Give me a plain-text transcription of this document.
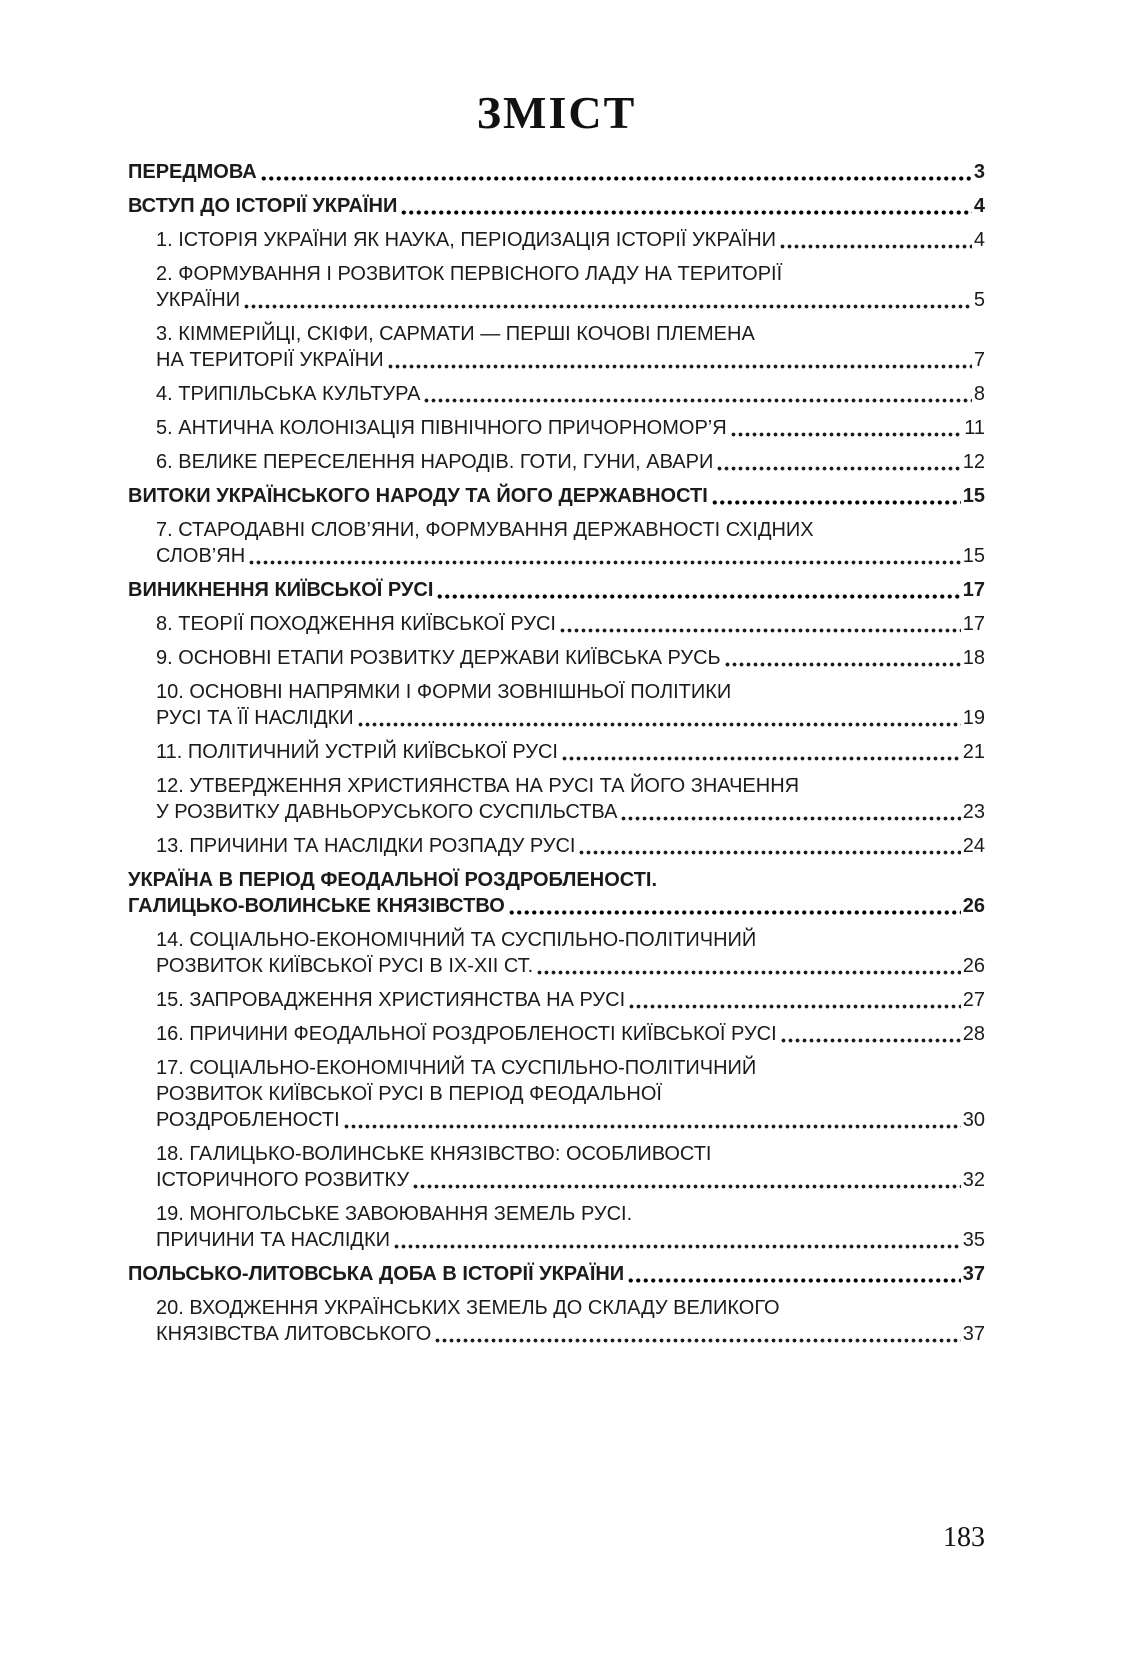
ЗМІСТ
ПЕРЕДМОВА	3
ВСТУП ДО ІСТОРІЇ УКРАЇНИ	4
1. ІСТОРІЯ УКРАЇНИ ЯК НАУКА, ПЕРІОДИЗАЦІЯ ІСТОРІЇ УКРАЇНИ	4
2. ФОРМУВАННЯ І РОЗВИТОК ПЕРВІСНОГО ЛАДУ НА ТЕРИТОРІЇ
УКРАЇНИ	5
3. КІММЕРІЙЦІ, СКІФИ, САРМАТИ — ПЕРШІ КОЧОВІ ПЛЕМЕНА
НА ТЕРИТОРІЇ УКРАЇНИ	7
4. ТРИПІЛЬСЬКА КУЛЬТУРА	8
5. АНТИЧНА КОЛОНІЗАЦІЯ ПІВНІЧНОГО ПРИЧОРНОМОР’Я	11
6. ВЕЛИКЕ ПЕРЕСЕЛЕННЯ НАРОДІВ. ГОТИ, ГУНИ, АВАРИ	12
ВИТОКИ УКРАЇНСЬКОГО НАРОДУ ТА ЙОГО ДЕРЖАВНОСТІ	15
7. СТАРОДАВНІ СЛОВ’ЯНИ, ФОРМУВАННЯ ДЕРЖАВНОСТІ СХІДНИХ
СЛОВ’ЯН	15
ВИНИКНЕННЯ КИЇВСЬКОЇ РУСІ	17
8. ТЕОРІЇ ПОХОДЖЕННЯ КИЇВСЬКОЇ РУСІ	17
9. ОСНОВНІ ЕТАПИ РОЗВИТКУ ДЕРЖАВИ КИЇВСЬКА РУСЬ	18
10. ОСНОВНІ НАПРЯМКИ І ФОРМИ ЗОВНІШНЬОЇ ПОЛІТИКИ
РУСІ ТА ЇЇ НАСЛІДКИ	19
11. ПОЛІТИЧНИЙ УСТРІЙ КИЇВСЬКОЇ РУСІ	21
12. УТВЕРДЖЕННЯ ХРИСТИЯНСТВА НА РУСІ ТА ЙОГО ЗНАЧЕННЯ
У РОЗВИТКУ ДАВНЬОРУСЬКОГО СУСПІЛЬСТВА	23
13. ПРИЧИНИ ТА НАСЛІДКИ РОЗПАДУ РУСІ	24
УКРАЇНА В ПЕРІОД ФЕОДАЛЬНОЇ РОЗДРОБЛЕНОСТІ.
ГАЛИЦЬКО-ВОЛИНСЬКЕ КНЯЗІВСТВО	26
14. СОЦІАЛЬНО-ЕКОНОМІЧНИЙ ТА СУСПІЛЬНО-ПОЛІТИЧНИЙ
РОЗВИТОК КИЇВСЬКОЇ РУСІ В IX-XII СТ.	26
15. ЗАПРОВАДЖЕННЯ ХРИСТИЯНСТВА НА РУСІ	27
16. ПРИЧИНИ ФЕОДАЛЬНОЇ РОЗДРОБЛЕНОСТІ КИЇВСЬКОЇ РУСІ	28
17. СОЦІАЛЬНО-ЕКОНОМІЧНИЙ ТА СУСПІЛЬНО-ПОЛІТИЧНИЙ
РОЗВИТОК КИЇВСЬКОЇ РУСІ В ПЕРІОД ФЕОДАЛЬНОЇ
РОЗДРОБЛЕНОСТІ	30
18. ГАЛИЦЬКО-ВОЛИНСЬКЕ КНЯЗІВСТВО: ОСОБЛИВОСТІ
ІСТОРИЧНОГО РОЗВИТКУ	32
19. МОНГОЛЬСЬКЕ ЗАВОЮВАННЯ ЗЕМЕЛЬ РУСІ.
ПРИЧИНИ ТА НАСЛІДКИ	35
ПОЛЬСЬКО-ЛИТОВСЬКА ДОБА В ІСТОРІЇ УКРАЇНИ	37
20. ВХОДЖЕННЯ УКРАЇНСЬКИХ ЗЕМЕЛЬ ДО СКЛАДУ ВЕЛИКОГО
КНЯЗІВСТВА ЛИТОВСЬКОГО	37
183
